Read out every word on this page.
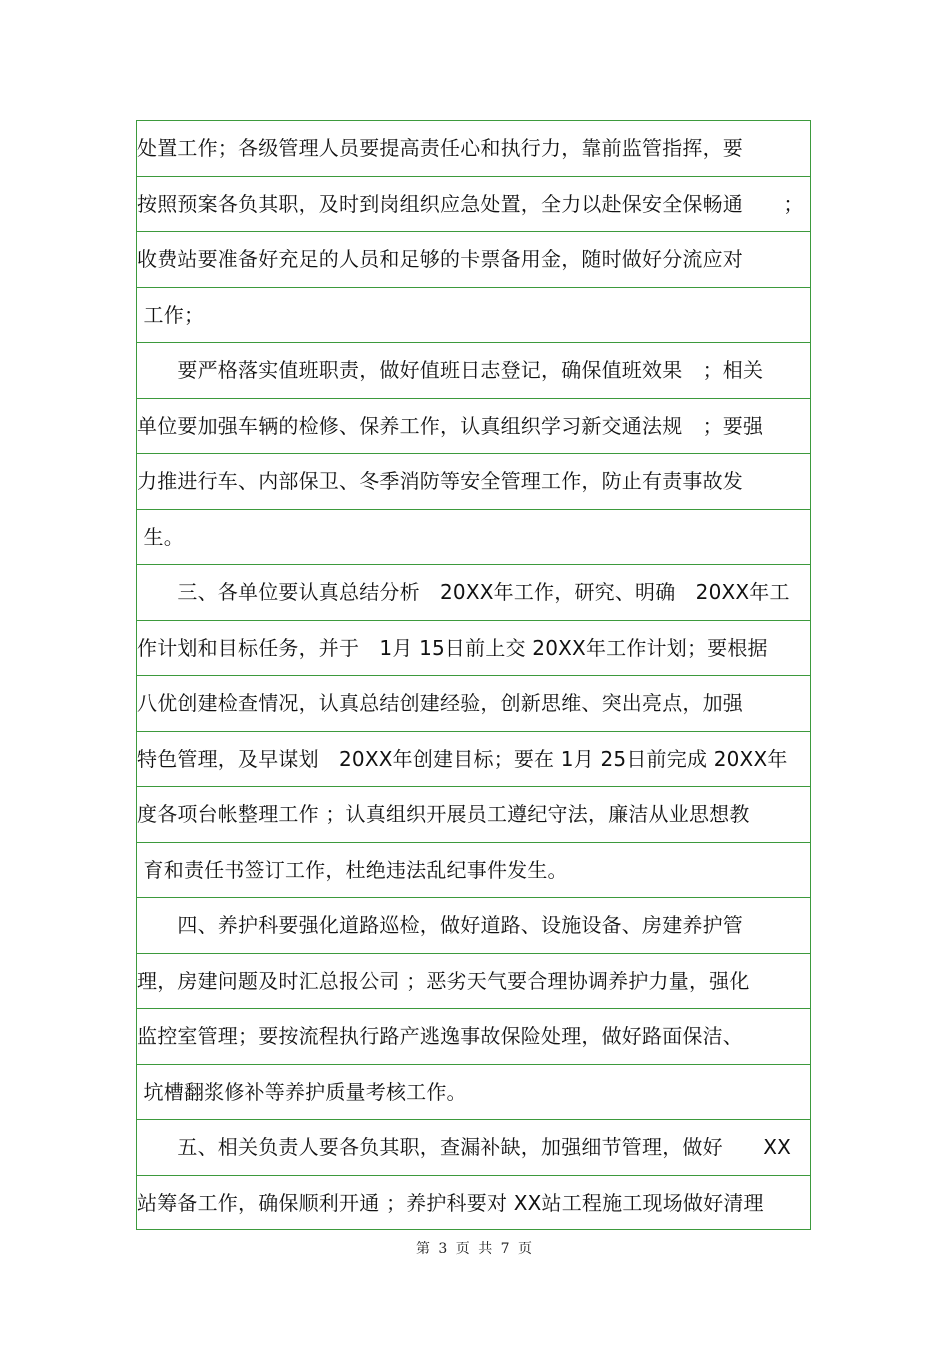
处置工作；各级管理人员要提高责任心和执行力，靠前监管指挥，要
按照预案各负其职，及时到岗组织应急处置，全力以赴保安全保畅通　　；
收费站要准备好充足的人员和足够的卡票备用金，随时做好分流应对
工作；
　　要严格落实值班职责，做好值班日志登记，确保值班效果　；相关
单位要加强车辆的检修、保养工作，认真组织学习新交通法规　；要强
力推进行车、内部保卫、冬季消防等安全管理工作，防止有责事故发
生。
　　三、各单位要认真总结分析　20XX年工作，研究、明确　20XX年工
作计划和目标任务，并于　1月 15日前上交 20XX年工作计划；要根据
八优创建检查情况，认真总结创建经验，创新思维、突出亮点，加强
特色管理，及早谋划　20XX年创建目标；要在 1月 25日前完成 20XX年
度各项台帐整理工作 ；认真组织开展员工遵纪守法，廉洁从业思想教
育和责任书签订工作，杜绝违法乱纪事件发生。
　　四、养护科要强化道路巡检，做好道路、设施设备、房建养护管
理，房建问题及时汇总报公司 ；恶劣天气要合理协调养护力量，强化
监控室管理；要按流程执行路产逃逸事故保险处理，做好路面保洁、
坑槽翻浆修补等养护质量考核工作。
　　五、相关负责人要各负其职，查漏补缺，加强细节管理，做好　　XX
站筹备工作，确保顺利开通 ；养护科要对 XX站工程施工现场做好清理
第 3 页 共 7 页
